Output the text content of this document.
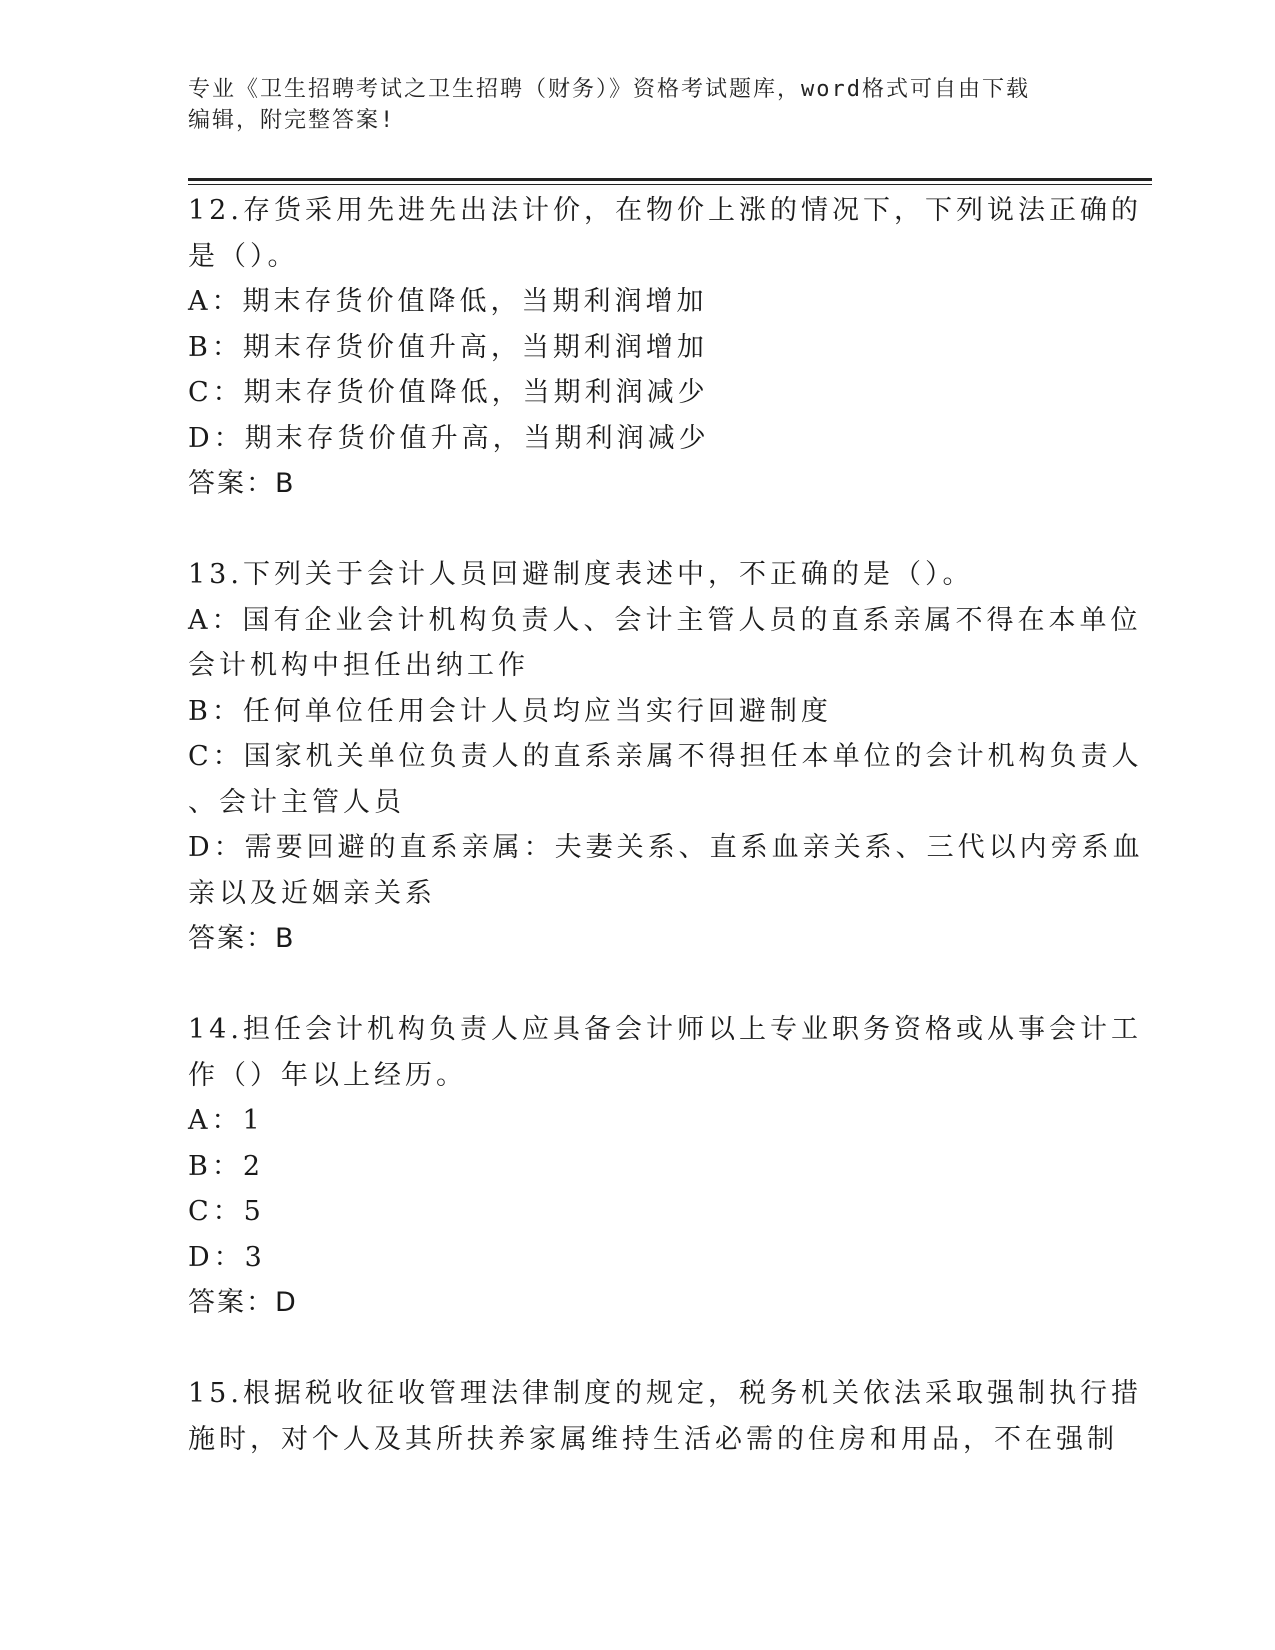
专业《卫生招聘考试之卫生招聘（财务）》资格考试题库，word格式可自由下载
编辑，附完整答案!
12.存货采用先进先出法计价，在物价上涨的情况下，下列说法正确的
是（）。
A：期末存货价值降低，当期利润增加
B：期末存货价值升高，当期利润增加
C：期末存货价值降低，当期利润减少
D：期末存货价值升高，当期利润减少
答案：B
13.下列关于会计人员回避制度表述中，不正确的是（）。
A：国有企业会计机构负责人、会计主管人员的直系亲属不得在本单位
会计机构中担任出纳工作
B：任何单位任用会计人员均应当实行回避制度
C：国家机关单位负责人的直系亲属不得担任本单位的会计机构负责人
、会计主管人员
D：需要回避的直系亲属：夫妻关系、直系血亲关系、三代以内旁系血
亲以及近姻亲关系
答案：B
14.担任会计机构负责人应具备会计师以上专业职务资格或从事会计工
作（）年以上经历。
A：1
B：2
C：5
D：3
答案：D
15.根据税收征收管理法律制度的规定，税务机关依法采取强制执行措
施时，对个人及其所扶养家属维持生活必需的住房和用品，不在强制
